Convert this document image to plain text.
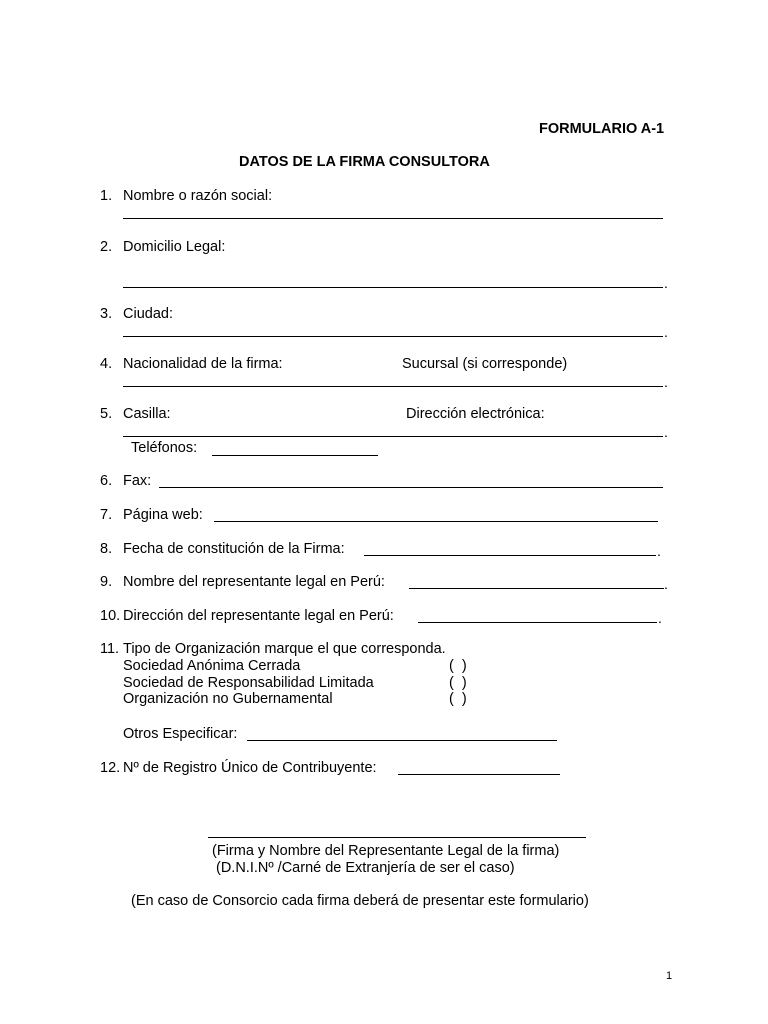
FORMULARIO A-1
DATOS DE LA FIRMA CONSULTORA
1. Nombre o razón social:
2. Domicilio Legal:
.
3. Ciudad:
.
4. Nacionalidad de la firma:	Sucursal (si corresponde)
.
5. Casilla:	Dirección electrónica:
.
Teléfonos:
6. Fax:
7. Página web:
8. Fecha de constitución de la Firma:	.
9. Nombre del representante legal en Perú:	.
10. Dirección del representante legal en Perú:	.
11. Tipo de Organización marque el que corresponda.
Sociedad Anónima Cerrada	(  )
Sociedad de Responsabilidad Limitada	(  )
Organización no Gubernamental	(  )
Otros Especificar:
12. Nº de Registro Único de Contribuyente:
(Firma y Nombre del Representante Legal de la firma)
(D.N.I.Nº /Carné de Extranjería de ser el caso)
(En caso de Consorcio cada firma deberá de presentar este formulario)
1
